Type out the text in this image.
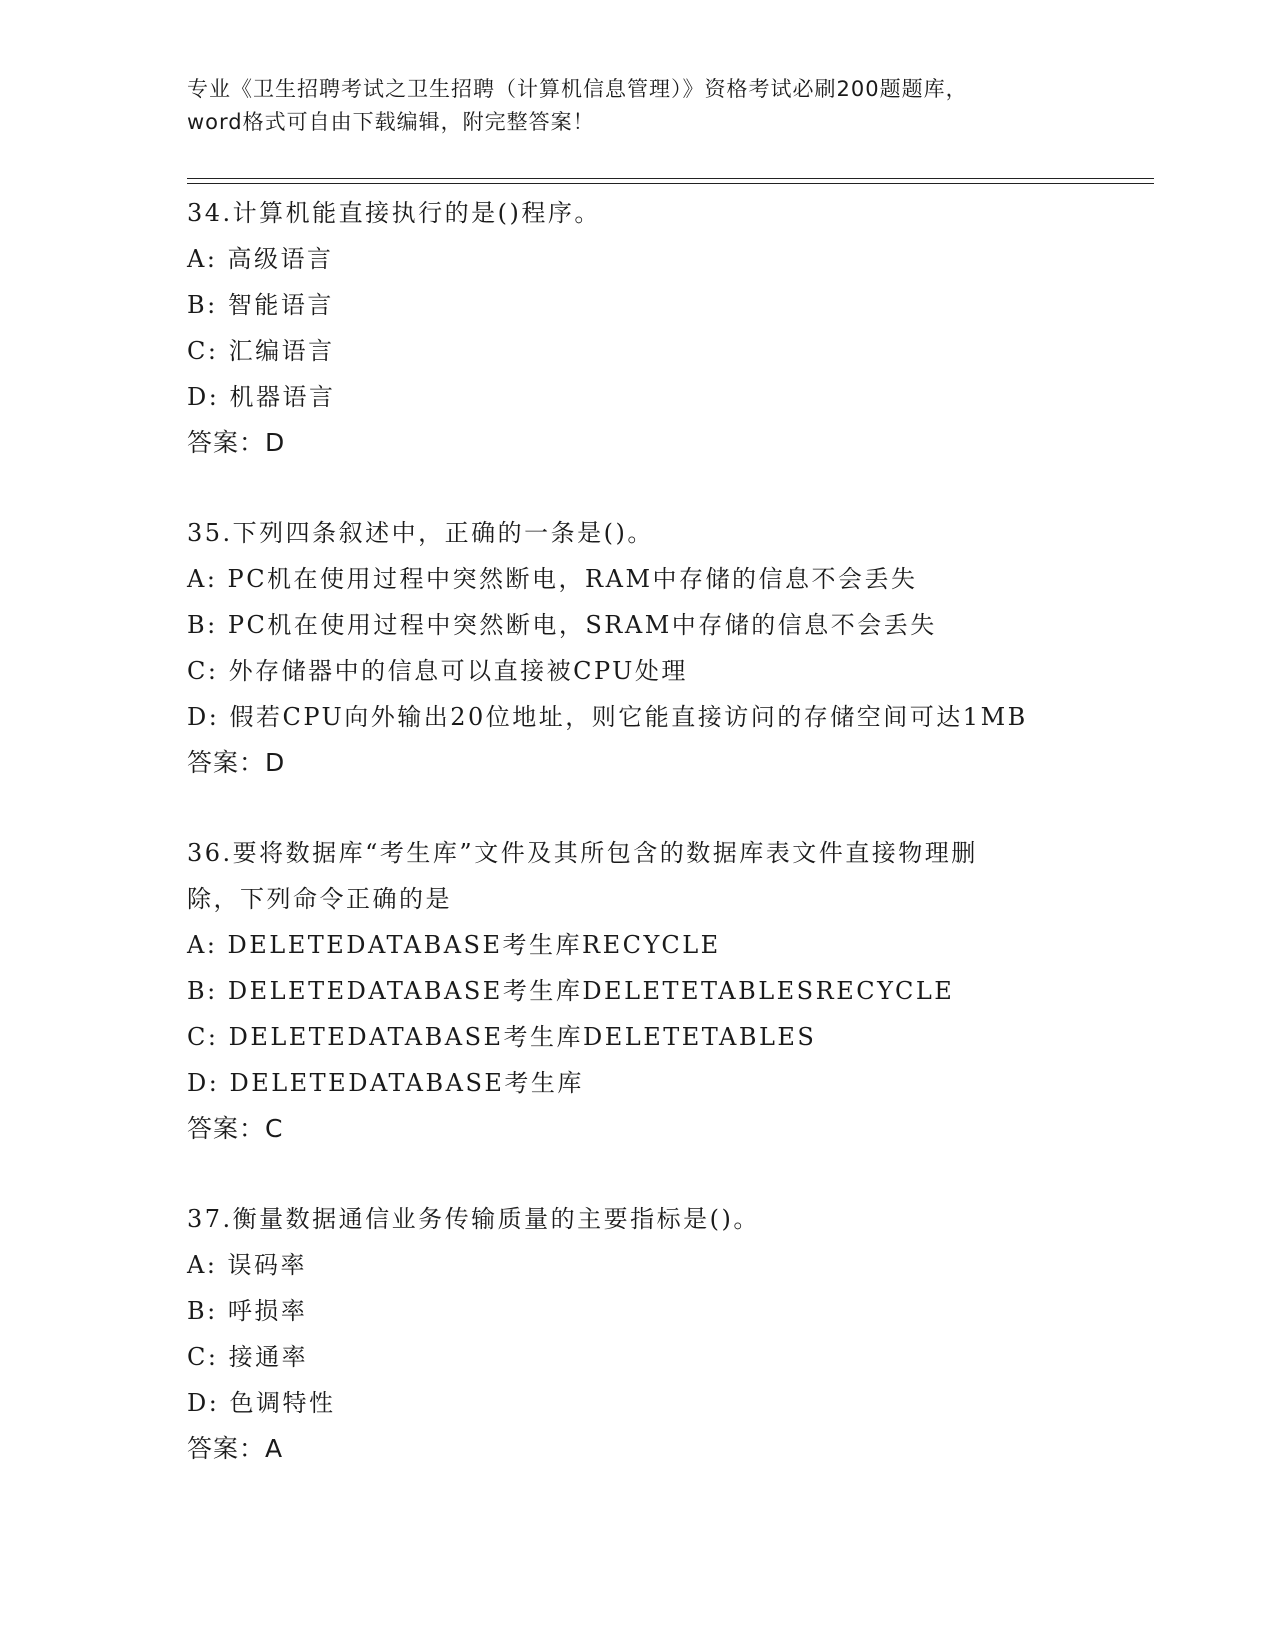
专业《卫生招聘考试之卫生招聘（计算机信息管理）》资格考试必刷200题题库，
word格式可自由下载编辑，附完整答案！
34.计算机能直接执行的是()程序。
A: 高级语言
B: 智能语言
C: 汇编语言
D: 机器语言
答案：D
35.下列四条叙述中，正确的一条是()。
A: PC机在使用过程中突然断电，RAM中存储的信息不会丢失
B: PC机在使用过程中突然断电，SRAM中存储的信息不会丢失
C: 外存储器中的信息可以直接被CPU处理
D: 假若CPU向外输出20位地址，则它能直接访问的存储空间可达1MB
答案：D
36.要将数据库“考生库”文件及其所包含的数据库表文件直接物理删
除，下列命令正确的是
A: DELETEDATABASE考生库RECYCLE
B: DELETEDATABASE考生库DELETETABLESRECYCLE
C: DELETEDATABASE考生库DELETETABLES
D: DELETEDATABASE考生库
答案：C
37.衡量数据通信业务传输质量的主要指标是()。
A: 误码率
B: 呼损率
C: 接通率
D: 色调特性
答案：A
